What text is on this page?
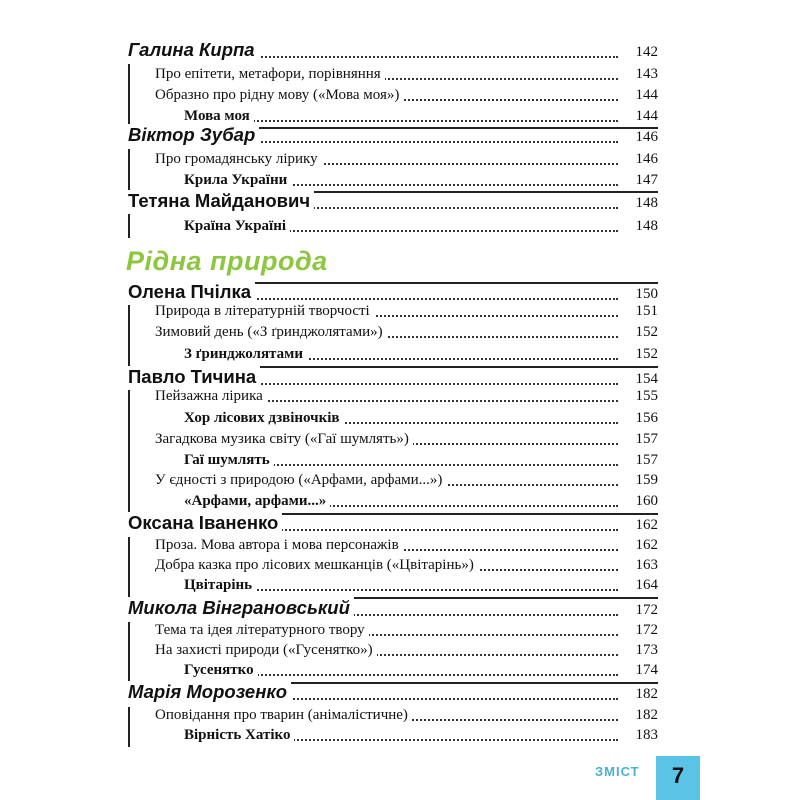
Галина Кирпа	142
Про епітети, метафори, порівняння	143
Образно про рідну мову («Мова моя»)	144
Мова моя	144
Віктор Зубар	146
Про громадянську лірику	146
Крила України	147
Тетяна Майданович	148
Країна Україні	148
Рідна природа
Олена Пчілка	150
Природа в літературній творчості	151
Зимовий день («З ґринджолятами»)	152
З ґринджолятами	152
Павло Тичина	154
Пейзажна лірика	155
Хор лісових дзвіночків	156
Загадкова музика світу («Гаї шумлять»)	157
Гаї шумлять	157
У єдності з природою («Арфами, арфами...»)	159
«Арфами, арфами...»	160
Оксана Іваненко	162
Проза. Мова автора і мова персонажів	162
Добра казка про лісових мешканців («Цвітарінь»)	163
Цвітарінь	164
Микола Вінграновський	172
Тема та ідея літературного твору	172
На захисті природи («Гусенятко»)	173
Гусенятко	174
Марія Морозенко	182
Оповідання про тварин (анімалістичне)	182
Вірність Хатіко	183
ЗМІСТ	7
